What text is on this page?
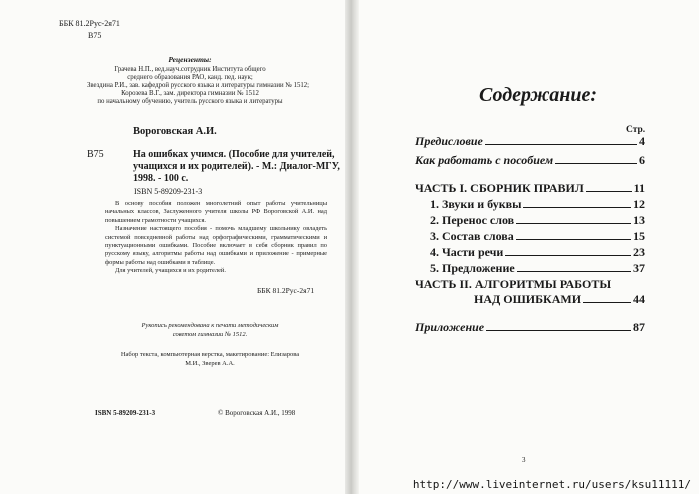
ББК 81.2Рус-2я71
В75
Рецензенты:
Грачева Н.П., вед.науч.сотрудник Института общего
среднего образования РАО, канд. пед. наук;
Звездина Р.И., зав. кафедрой русского языка и литературы гимназии № 1512;
Корозева В.Г., зам. директора гимназии № 1512
по начальному обучению, учитель русского языка и литературы
Вороговская А.И.
В75	На ошибках учимся. (Пособие для учителей, учащихся и их родителей). - М.: Диалог-МГУ, 1998. - 100 с.
ISBN 5-89209-231-3
В основу пособия положен многолетний опыт работы учительницы начальных классов, Заслуженного учителя школы РФ Вороговской А.И. над повышением грамотности учащихся.
Назначение настоящего пособия - помочь младшему школьнику овладеть системой повседневной работы над орфографическими, грамматическими и пунктуационными ошибками. Пособие включает в себя сборник правил по русскому языку, алгоритмы работы над ошибками и приложение - примерные формы работы над ошибками в таблице.
Для учителей, учащихся и их родителей.
ББК 81.2Рус-2я71
Рукопись рекомендована к печати методическим советом гимназии № 1512.
Набор текста, компьютерная верстка, макетирование: Елизарова М.И., Зверев А.А.
ISBN 5-89209-231-3	© Вороговская А.И., 1998
Содержание:
Стр.
Предисловие	4
Как работать с пособием	6
ЧАСТЬ I. СБОРНИК ПРАВИЛ	11
1. Звуки и буквы	12
2. Перенос слов	13
3. Состав слова	15
4. Части речи	23
5. Предложение	37
ЧАСТЬ II. АЛГОРИТМЫ РАБОТЫ
НАД ОШИБКАМИ	44
Приложение	87
3
http://www.liveinternet.ru/users/ksu11111/
